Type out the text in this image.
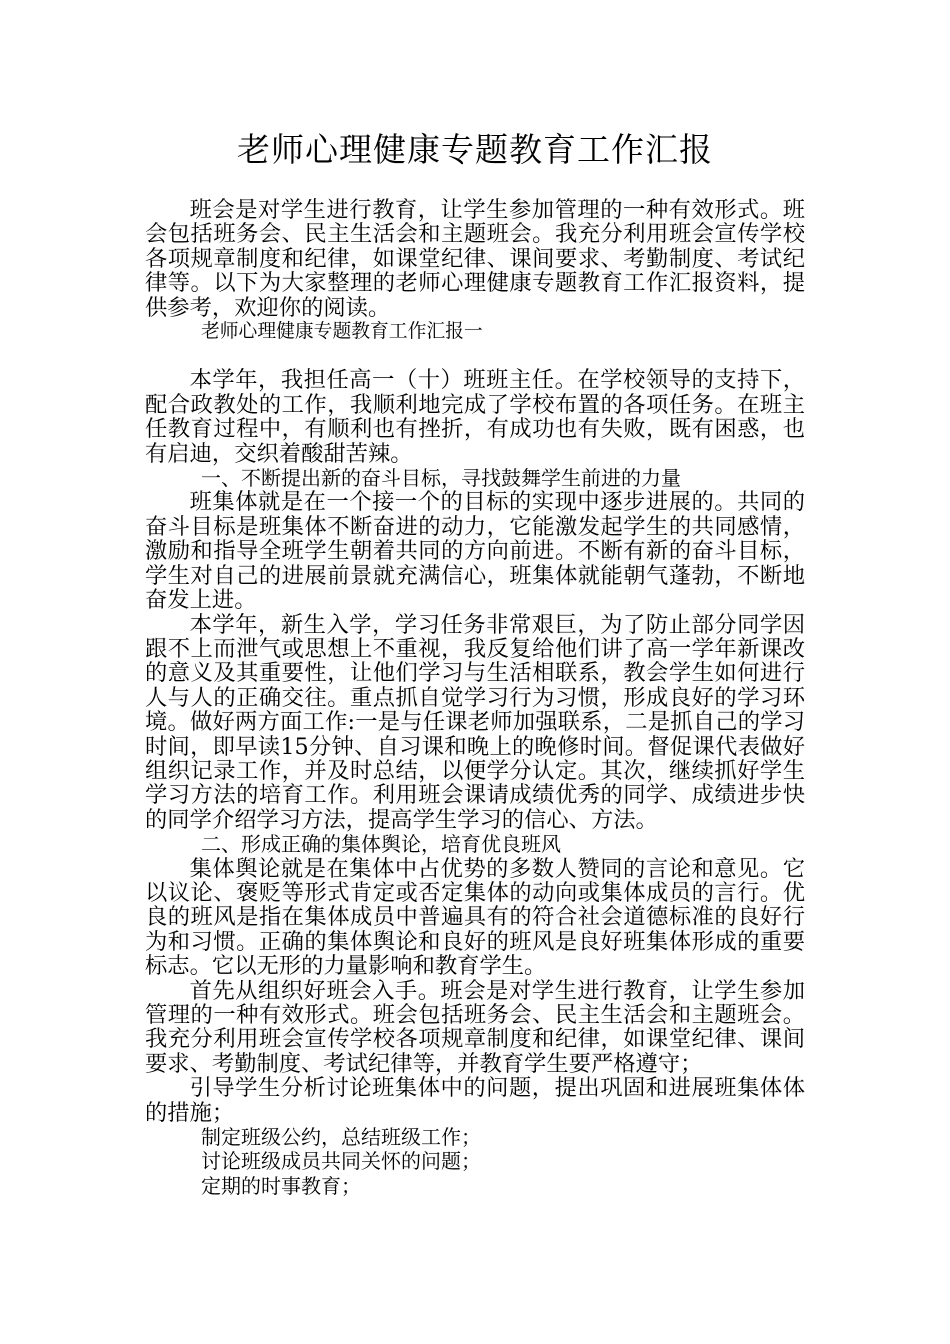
老师心理健康专题教育工作汇报

班会是对学生进行教育，让学生参加管理的一种有效形式。班会包括班务会、民主生活会和主题班会。我充分利用班会宣传学校各项规章制度和纪律，如课堂纪律、课间要求、考勤制度、考试纪律等。以下为大家整理的老师心理健康专题教育工作汇报资料，提供参考，欢迎你的阅读。

老师心理健康专题教育工作汇报一

本学年，我担任高一（十）班班主任。在学校领导的支持下，配合政教处的工作，我顺利地完成了学校布置的各项任务。在班主任教育过程中，有顺利也有挫折，有成功也有失败，既有困惑，也有启迪，交织着酸甜苦辣。

一、不断提出新的奋斗目标，寻找鼓舞学生前进的力量

班集体就是在一个接一个的目标的实现中逐步进展的。共同的奋斗目标是班集体不断奋进的动力，它能激发起学生的共同感情，激励和指导全班学生朝着共同的方向前进。不断有新的奋斗目标，学生对自己的进展前景就充满信心，班集体就能朝气蓬勃，不断地奋发上进。

本学年，新生入学，学习任务非常艰巨，为了防止部分同学因跟不上而泄气或思想上不重视，我反复给他们讲了高一学年新课改的意义及其重要性，让他们学习与生活相联系，教会学生如何进行人与人的正确交往。重点抓自觉学习行为习惯，形成良好的学习环境。做好两方面工作:一是与任课老师加强联系，二是抓自己的学习时间，即早读15分钟、自习课和晚上的晚修时间。督促课代表做好组织记录工作，并及时总结，以便学分认定。其次，继续抓好学生学习方法的培育工作。利用班会课请成绩优秀的同学、成绩进步快的同学介绍学习方法，提高学生学习的信心、方法。

二、形成正确的集体舆论，培育优良班风

集体舆论就是在集体中占优势的多数人赞同的言论和意见。它以议论、褒贬等形式肯定或否定集体的动向或集体成员的言行。优良的班风是指在集体成员中普遍具有的符合社会道德标准的良好行为和习惯。正确的集体舆论和良好的班风是良好班集体形成的重要标志。它以无形的力量影响和教育学生。

首先从组织好班会入手。班会是对学生进行教育，让学生参加管理的一种有效形式。班会包括班务会、民主生活会和主题班会。我充分利用班会宣传学校各项规章制度和纪律，如课堂纪律、课间要求、考勤制度、考试纪律等，并教育学生要严格遵守；

引导学生分析讨论班集体中的问题，提出巩固和进展班集体体的措施；

制定班级公约，总结班级工作；

讨论班级成员共同关怀的问题；

定期的时事教育；
